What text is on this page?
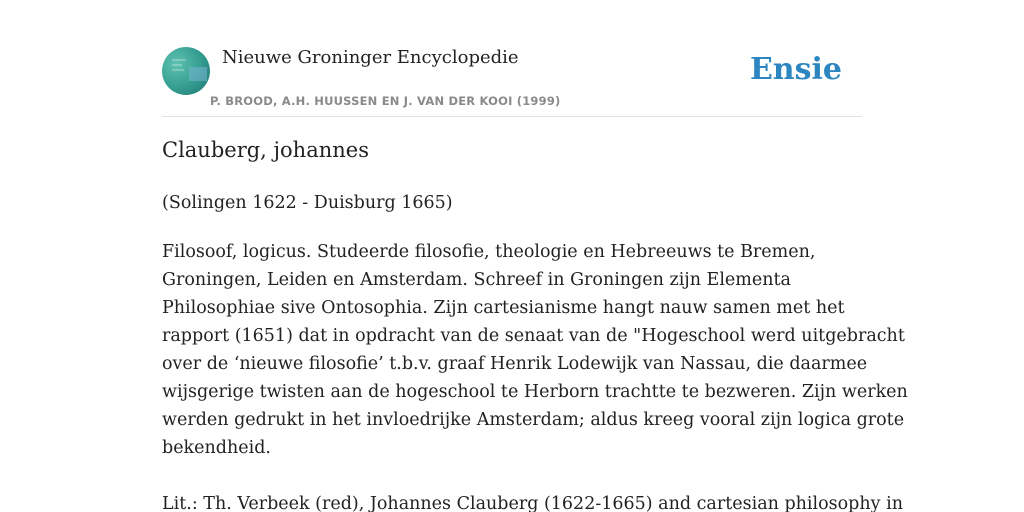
Nieuwe Groninger Encyclopedie
P. BROOD, A.H. HUUSSEN EN J. VAN DER KOOI (1999)
Ensie
Clauberg, johannes

(Solingen 1622 - Duisburg 1665)

Filosoof, logicus. Studeerde filosofie, theologie en Hebreeuws te Bremen,
Groningen, Leiden en Amsterdam. Schreef in Groningen zijn Elementa
Philosophiae sive Ontosophia. Zijn cartesianisme hangt nauw samen met het
rapport (1651) dat in opdracht van de senaat van de "Hogeschool werd uitgebracht
over de ‘nieuwe filosofie’ t.b.v. graaf Henrik Lodewijk van Nassau, die daarmee
wijsgerige twisten aan de hogeschool te Herborn trachtte te bezweren. Zijn werken
werden gedrukt in het invloedrijke Amsterdam; aldus kreeg vooral zijn logica grote
bekendheid.

Lit.: Th. Verbeek (red), Johannes Clauberg (1622-1665) and cartesian philosophy in
